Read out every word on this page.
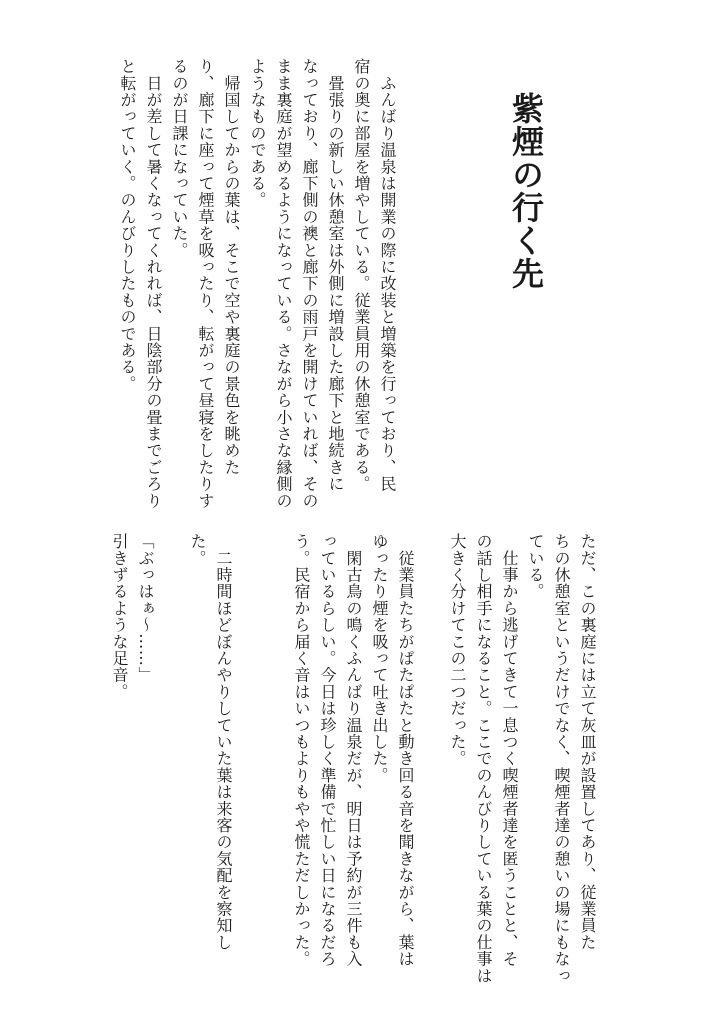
紫煙の行く先
　ふんばり温泉は開業の際に改装と増築を行っており、民
宿の奥に部屋を増やしている。従業員用の休憩室である。
　畳張りの新しい休憩室は外側に増設した廊下と地続きに
なっており、廊下側の襖と廊下の雨戸を開けていれば、その
まま裏庭が望めるようになっている。さながら小さな縁側の
ようなものである。
　帰国してからの葉は、そこで空や裏庭の景色を眺めた
り、廊下に座って煙草を吸ったり、転がって昼寝をしたりす
るのが日課になっていた。
　日が差して暑くなってくれれば、日陰部分の畳までごろり
と転がっていく。のんびりしたものである。
ただ、この裏庭には立て灰皿が設置してあり、従業員た
ちの休憩室というだけでなく、喫煙者達の憩いの場にもなっ
ている。
　仕事から逃げてきて一息つく喫煙者達を匿うことと、そ
の話し相手になること。ここでのんびりしている葉の仕事は
大きく分けてこの二つだった。
　従業員たちがぱたぱたと動き回る音を聞きながら、葉は
ゆったり煙を吸って吐き出した。
　閑古鳥の鳴くふんばり温泉だが、明日は予約が三件も入
っているらしい。今日は珍しく準備で忙しい日になるだろ
う。民宿から届く音はいつもよりもやや慌ただしかった。
　二時間ほどぼんやりしていた葉は来客の気配を察知し
た。
「ぶっはぁ〜……」
引きずるような足音。
